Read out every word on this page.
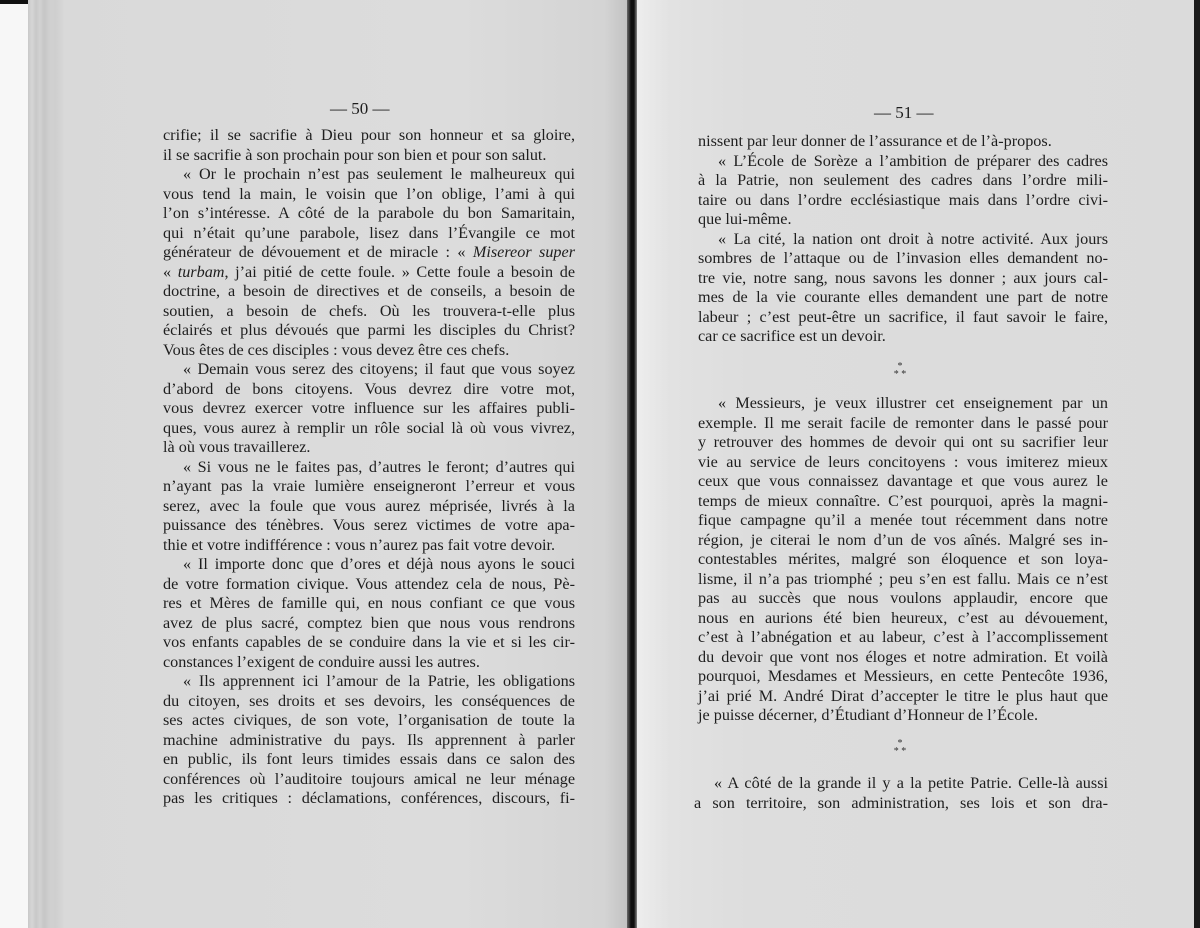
— 50 —
crifie; il se sacrifie à Dieu pour son honneur et sa gloire,
il se sacrifie à son prochain pour son bien et pour son salut.
« Or le prochain n’est pas seulement le malheureux qui
vous tend la main, le voisin que l’on oblige, l’ami à qui
l’on s’intéresse. A côté de la parabole du bon Samaritain,
qui n’était qu’une parabole, lisez dans l’Évangile ce mot
générateur de dévouement et de miracle : « Misereor super
« turbam, j’ai pitié de cette foule. » Cette foule a besoin de
doctrine, a besoin de directives et de conseils, a besoin de
soutien, a besoin de chefs. Où les trouvera-t-elle plus
éclairés et plus dévoués que parmi les disciples du Christ?
Vous êtes de ces disciples : vous devez être ces chefs.
« Demain vous serez des citoyens; il faut que vous soyez
d’abord de bons citoyens. Vous devrez dire votre mot,
vous devrez exercer votre influence sur les affaires publi-
ques, vous aurez à remplir un rôle social là où vous vivrez,
là où vous travaillerez.
« Si vous ne le faites pas, d’autres le feront; d’autres qui
n’ayant pas la vraie lumière enseigneront l’erreur et vous
serez, avec la foule que vous aurez méprisée, livrés à la
puissance des ténèbres. Vous serez victimes de votre apa-
thie et votre indifférence : vous n’aurez pas fait votre devoir.
« Il importe donc que d’ores et déjà nous ayons le souci
de votre formation civique. Vous attendez cela de nous, Pè-
res et Mères de famille qui, en nous confiant ce que vous
avez de plus sacré, comptez bien que nous vous rendrons
vos enfants capables de se conduire dans la vie et si les cir-
constances l’exigent de conduire aussi les autres.
« Ils apprennent ici l’amour de la Patrie, les obligations
du citoyen, ses droits et ses devoirs, les conséquences de
ses actes civiques, de son vote, l’organisation de toute la
machine administrative du pays. Ils apprennent à parler
en public, ils font leurs timides essais dans ce salon des
conférences où l’auditoire toujours amical ne leur ménage
pas les critiques : déclamations, conférences, discours, fi-
— 51 —
nissent par leur donner de l’assurance et de l’à-propos.
« L’École de Sorèze a l’ambition de préparer des cadres
à la Patrie, non seulement des cadres dans l’ordre mili-
taire ou dans l’ordre ecclésiastique mais dans l’ordre civi-
que lui-même.
« La cité, la nation ont droit à notre activité. Aux jours
sombres de l’attaque ou de l’invasion elles demandent no-
tre vie, notre sang, nous savons les donner ; aux jours cal-
mes de la vie courante elles demandent une part de notre
labeur ; c’est peut-être un sacrifice, il faut savoir le faire,
car ce sacrifice est un devoir.
*
* *
« Messieurs, je veux illustrer cet enseignement par un
exemple. Il me serait facile de remonter dans le passé pour
y retrouver des hommes de devoir qui ont su sacrifier leur
vie au service de leurs concitoyens : vous imiterez mieux
ceux que vous connaissez davantage et que vous aurez le
temps de mieux connaître. C’est pourquoi, après la magni-
fique campagne qu’il a menée tout récemment dans notre
région, je citerai le nom d’un de vos aînés. Malgré ses in-
contestables mérites, malgré son éloquence et son loya-
lisme, il n’a pas triomphé ; peu s’en est fallu. Mais ce n’est
pas au succès que nous voulons applaudir, encore que
nous en aurions été bien heureux, c’est au dévouement,
c’est à l’abnégation et au labeur, c’est à l’accomplissement
du devoir que vont nos éloges et notre admiration. Et voilà
pourquoi, Mesdames et Messieurs, en cette Pentecôte 1936,
j’ai prié M. André Dirat d’accepter le titre le plus haut que
je puisse décerner, d’Étudiant d’Honneur de l’École.
*
* *
« A côté de la grande il y a la petite Patrie. Celle-là aussi
a son territoire, son administration, ses lois et son dra-
